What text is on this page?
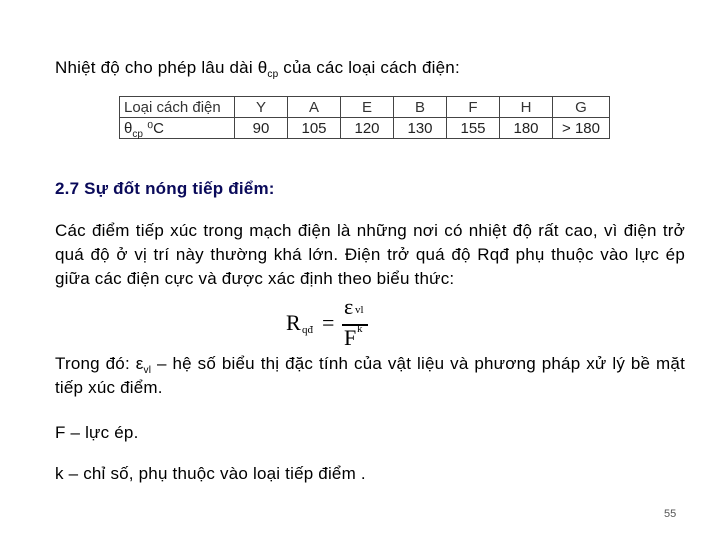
Nhiệt độ cho phép lâu dài $\theta_{cp}$ của các loại cách điện:
Loại cách điện	Y	A	E	B	F	H	G
$\theta_{cp}$ ⁰C	90	105	120	130	155	180	> 180
2.7 Sự đốt nóng tiếp điểm:
Các điểm tiếp xúc trong mạch điện là những nơi có nhiệt độ rất cao, vì điện trở quá độ ở vị trí này thường khá lớn. Điện trở quá độ Rqđ phụ thuộc vào lực ép giữa các điện cực và được xác định theo biểu thức:
R qđ =
ε vl
F k
Trong đó: $\varepsilon_{vl}$ – hệ số biểu thị đặc tính của vật liệu và phương pháp xử lý bề mặt tiếp xúc điểm.
F – lực ép.
k – chỉ số, phụ thuộc vào loại tiếp điểm .
55
